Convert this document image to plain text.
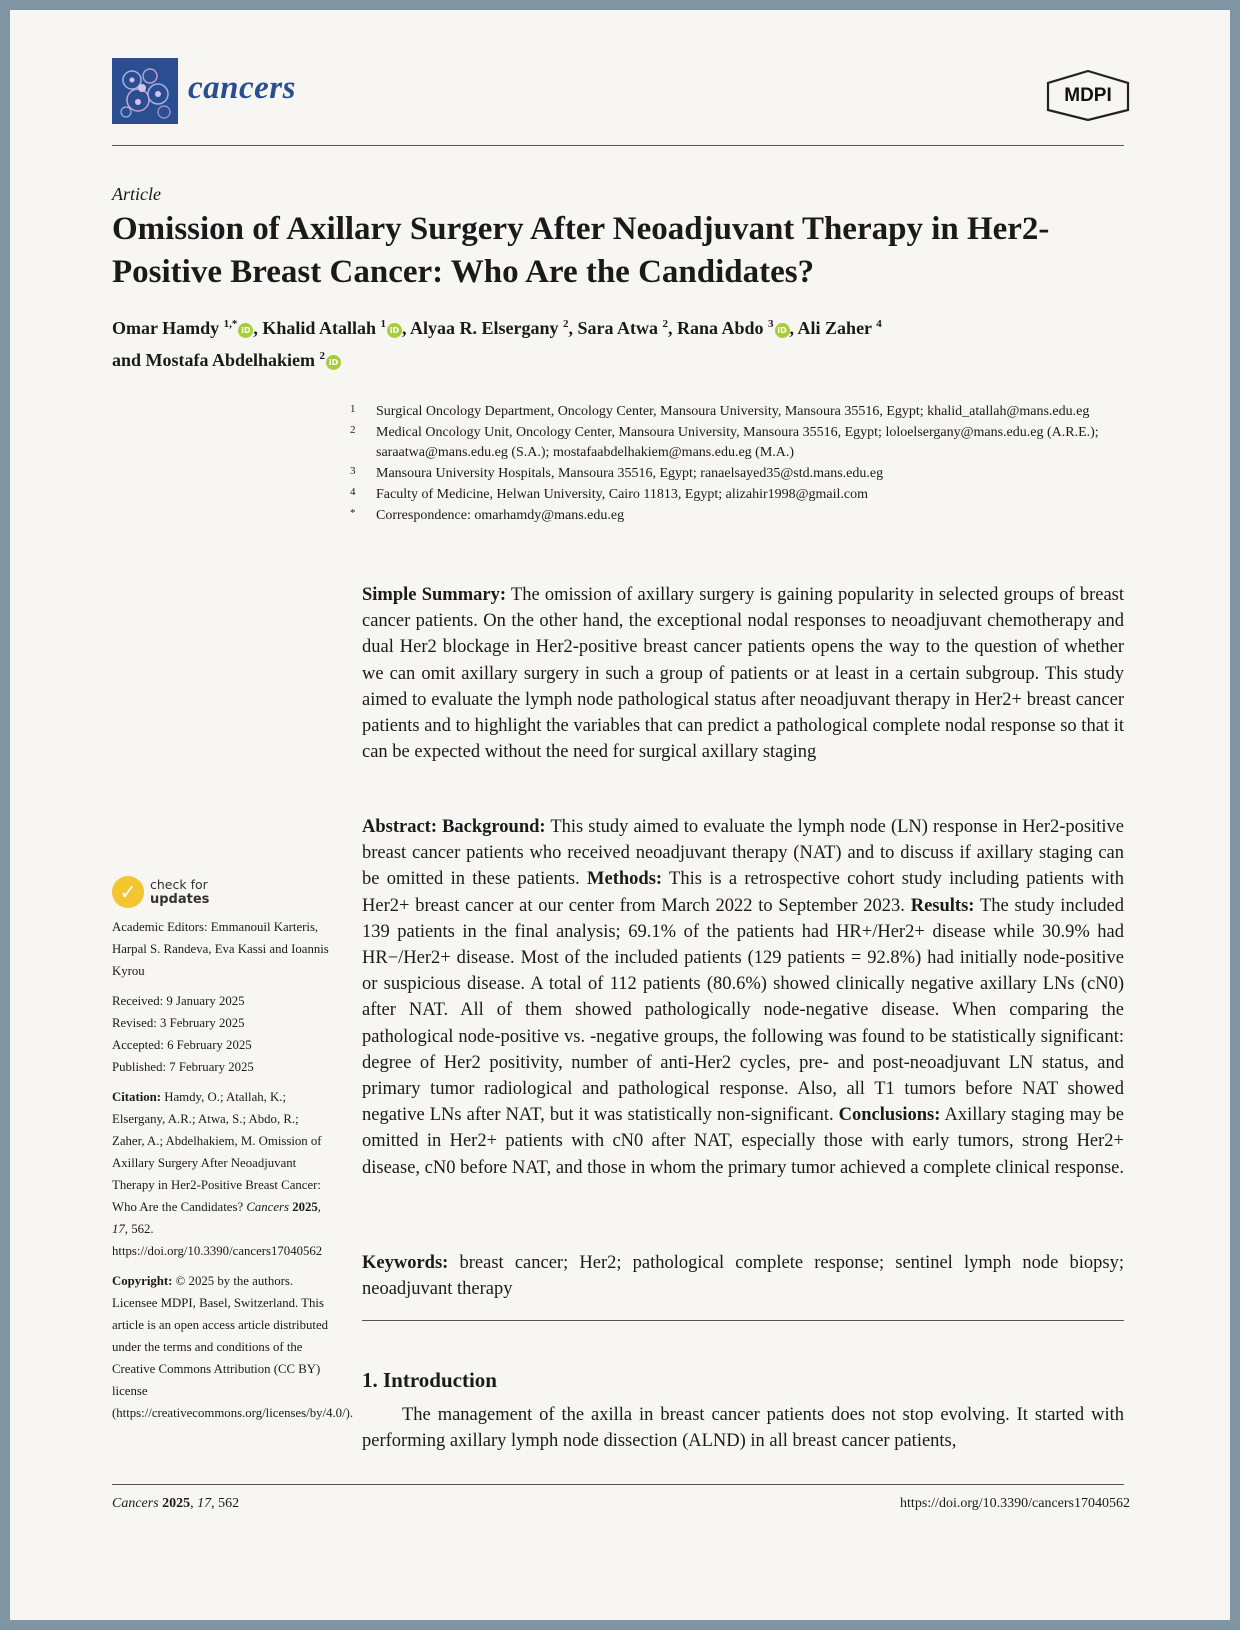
cancers	MDPI
Article
Omission of Axillary Surgery After Neoadjuvant Therapy in Her2-Positive Breast Cancer: Who Are the Candidates?
Omar Hamdy $^{1,*}$iD , Khalid Atallah $^1$iD , Alyaa R. Elsergany $^2$, Sara Atwa $^2$, Rana Abdo $^3$iD , Ali Zaher $^4$
and Mostafa Abdelhakiem $^2$iD
1	Surgical Oncology Department, Oncology Center, Mansoura University, Mansoura 35516, Egypt; khalid_atallah@mans.edu.eg
2	Medical Oncology Unit, Oncology Center, Mansoura University, Mansoura 35516, Egypt; loloelsergany@mans.edu.eg (A.R.E.); saraatwa@mans.edu.eg (S.A.); mostafaabdelhakiem@mans.edu.eg (M.A.)
3	Mansoura University Hospitals, Mansoura 35516, Egypt; ranaelsayed35@std.mans.edu.eg
4	Faculty of Medicine, Helwan University, Cairo 11813, Egypt; alizahir1998@gmail.com
*	Correspondence: omarhamdy@mans.edu.eg

Simple Summary: The omission of axillary surgery is gaining popularity in selected groups of breast cancer patients. On the other hand, the exceptional nodal responses to neoadjuvant chemotherapy and dual Her2 blockage in Her2-positive breast cancer patients opens the way to the question of whether we can omit axillary surgery in such a group of patients or at least in a certain subgroup. This study aimed to evaluate the lymph node pathological status after neoadjuvant therapy in Her2+ breast cancer patients and to highlight the variables that can predict a pathological complete nodal response so that it can be expected without the need for surgical axillary staging

Abstract: Background: This study aimed to evaluate the lymph node (LN) response in Her2-positive breast cancer patients who received neoadjuvant therapy (NAT) and to discuss if axillary staging can be omitted in these patients. Methods: This is a retrospective cohort study including patients with Her2+ breast cancer at our center from March 2022 to September 2023. Results: The study included 139 patients in the final analysis; 69.1% of the patients had HR+/Her2+ disease while 30.9% had HR−/Her2+ disease. Most of the included patients (129 patients = 92.8%) had initially node-positive or suspicious disease. A total of 112 patients (80.6%) showed clinically negative axillary LNs (cN0) after NAT. All of them showed pathologically node-negative disease. When comparing the pathological node-positive vs. -negative groups, the following was found to be statistically significant: degree of Her2 positivity, number of anti-Her2 cycles, pre- and post-neoadjuvant LN status, and primary tumor radiological and pathological response. Also, all T1 tumors before NAT showed negative LNs after NAT, but it was statistically non-significant. Conclusions: Axillary staging may be omitted in Her2+ patients with cN0 after NAT, especially those with early tumors, strong Her2+ disease, cN0 before NAT, and those in whom the primary tumor achieved a complete clinical response.

Keywords: breast cancer; Her2; pathological complete response; sentinel lymph node biopsy; neoadjuvant therapy

1. Introduction

The management of the axilla in breast cancer patients does not stop evolving. It started with performing axillary lymph node dissection (ALND) in all breast cancer patients,

✓	check for
updates
Academic Editors: Emmanouil Karteris, Harpal S. Randeva, Eva Kassi and Ioannis Kyrou
Received: 9 January 2025
Revised: 3 February 2025
Accepted: 6 February 2025
Published: 7 February 2025
Citation: Hamdy, O.; Atallah, K.; Elsergany, A.R.; Atwa, S.; Abdo, R.; Zaher, A.; Abdelhakiem, M. Omission of Axillary Surgery After Neoadjuvant Therapy in Her2-Positive Breast Cancer: Who Are the Candidates? Cancers 2025, 17, 562. https://doi.org/10.3390/cancers17040562
Copyright: © 2025 by the authors. Licensee MDPI, Basel, Switzerland. This article is an open access article distributed under the terms and conditions of the Creative Commons Attribution (CC BY) license (https://creativecommons.org/licenses/by/4.0/).
Cancers 2025, 17, 562	https://doi.org/10.3390/cancers17040562
